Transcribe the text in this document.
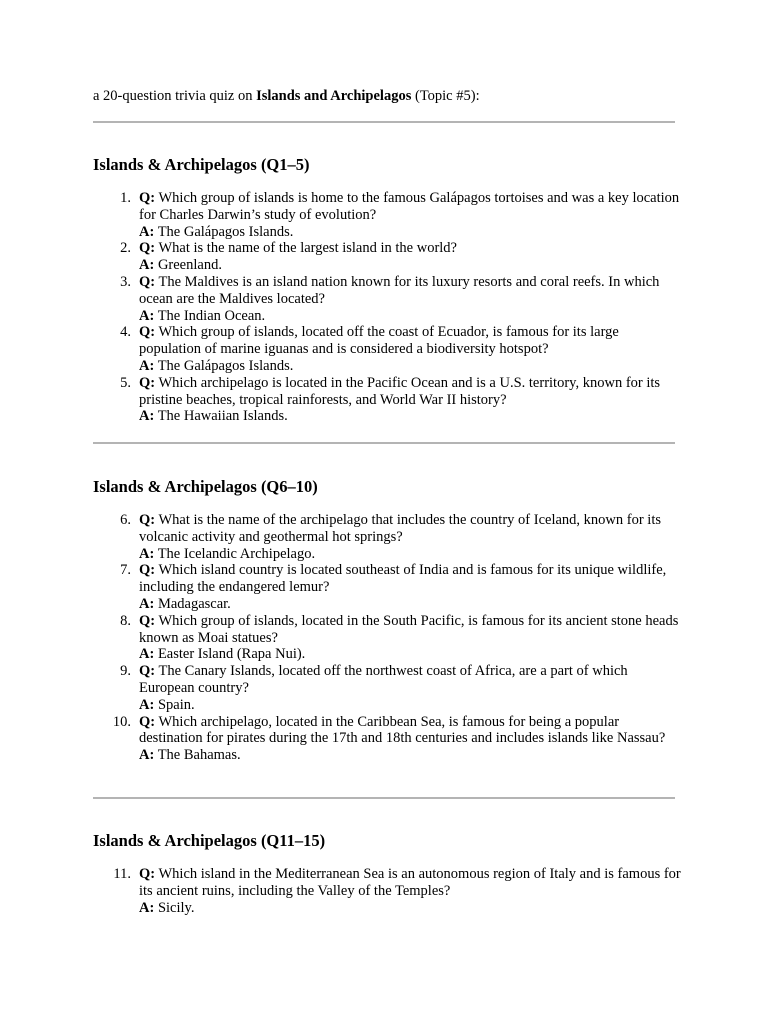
a 20-question trivia quiz on Islands and Archipelagos (Topic #5):

Islands & Archipelagos (Q1–5)
1. Q: Which group of islands is home to the famous Galápagos tortoises and was a key location for Charles Darwin’s study of evolution?
A: The Galápagos Islands.
2. Q: What is the name of the largest island in the world?
A: Greenland.
3. Q: The Maldives is an island nation known for its luxury resorts and coral reefs. In which ocean are the Maldives located?
A: The Indian Ocean.
4. Q: Which group of islands, located off the coast of Ecuador, is famous for its large population of marine iguanas and is considered a biodiversity hotspot?
A: The Galápagos Islands.
5. Q: Which archipelago is located in the Pacific Ocean and is a U.S. territory, known for its pristine beaches, tropical rainforests, and World War II history?
A: The Hawaiian Islands.
Islands & Archipelagos (Q6–10)
6. Q: What is the name of the archipelago that includes the country of Iceland, known for its volcanic activity and geothermal hot springs?
A: The Icelandic Archipelago.
7. Q: Which island country is located southeast of India and is famous for its unique wildlife, including the endangered lemur?
A: Madagascar.
8. Q: Which group of islands, located in the South Pacific, is famous for its ancient stone heads known as Moai statues?
A: Easter Island (Rapa Nui).
9. Q: The Canary Islands, located off the northwest coast of Africa, are a part of which European country?
A: Spain.
10. Q: Which archipelago, located in the Caribbean Sea, is famous for being a popular destination for pirates during the 17th and 18th centuries and includes islands like Nassau?
A: The Bahamas.
Islands & Archipelagos (Q11–15)
11. Q: Which island in the Mediterranean Sea is an autonomous region of Italy and is famous for its ancient ruins, including the Valley of the Temples?
A: Sicily.
